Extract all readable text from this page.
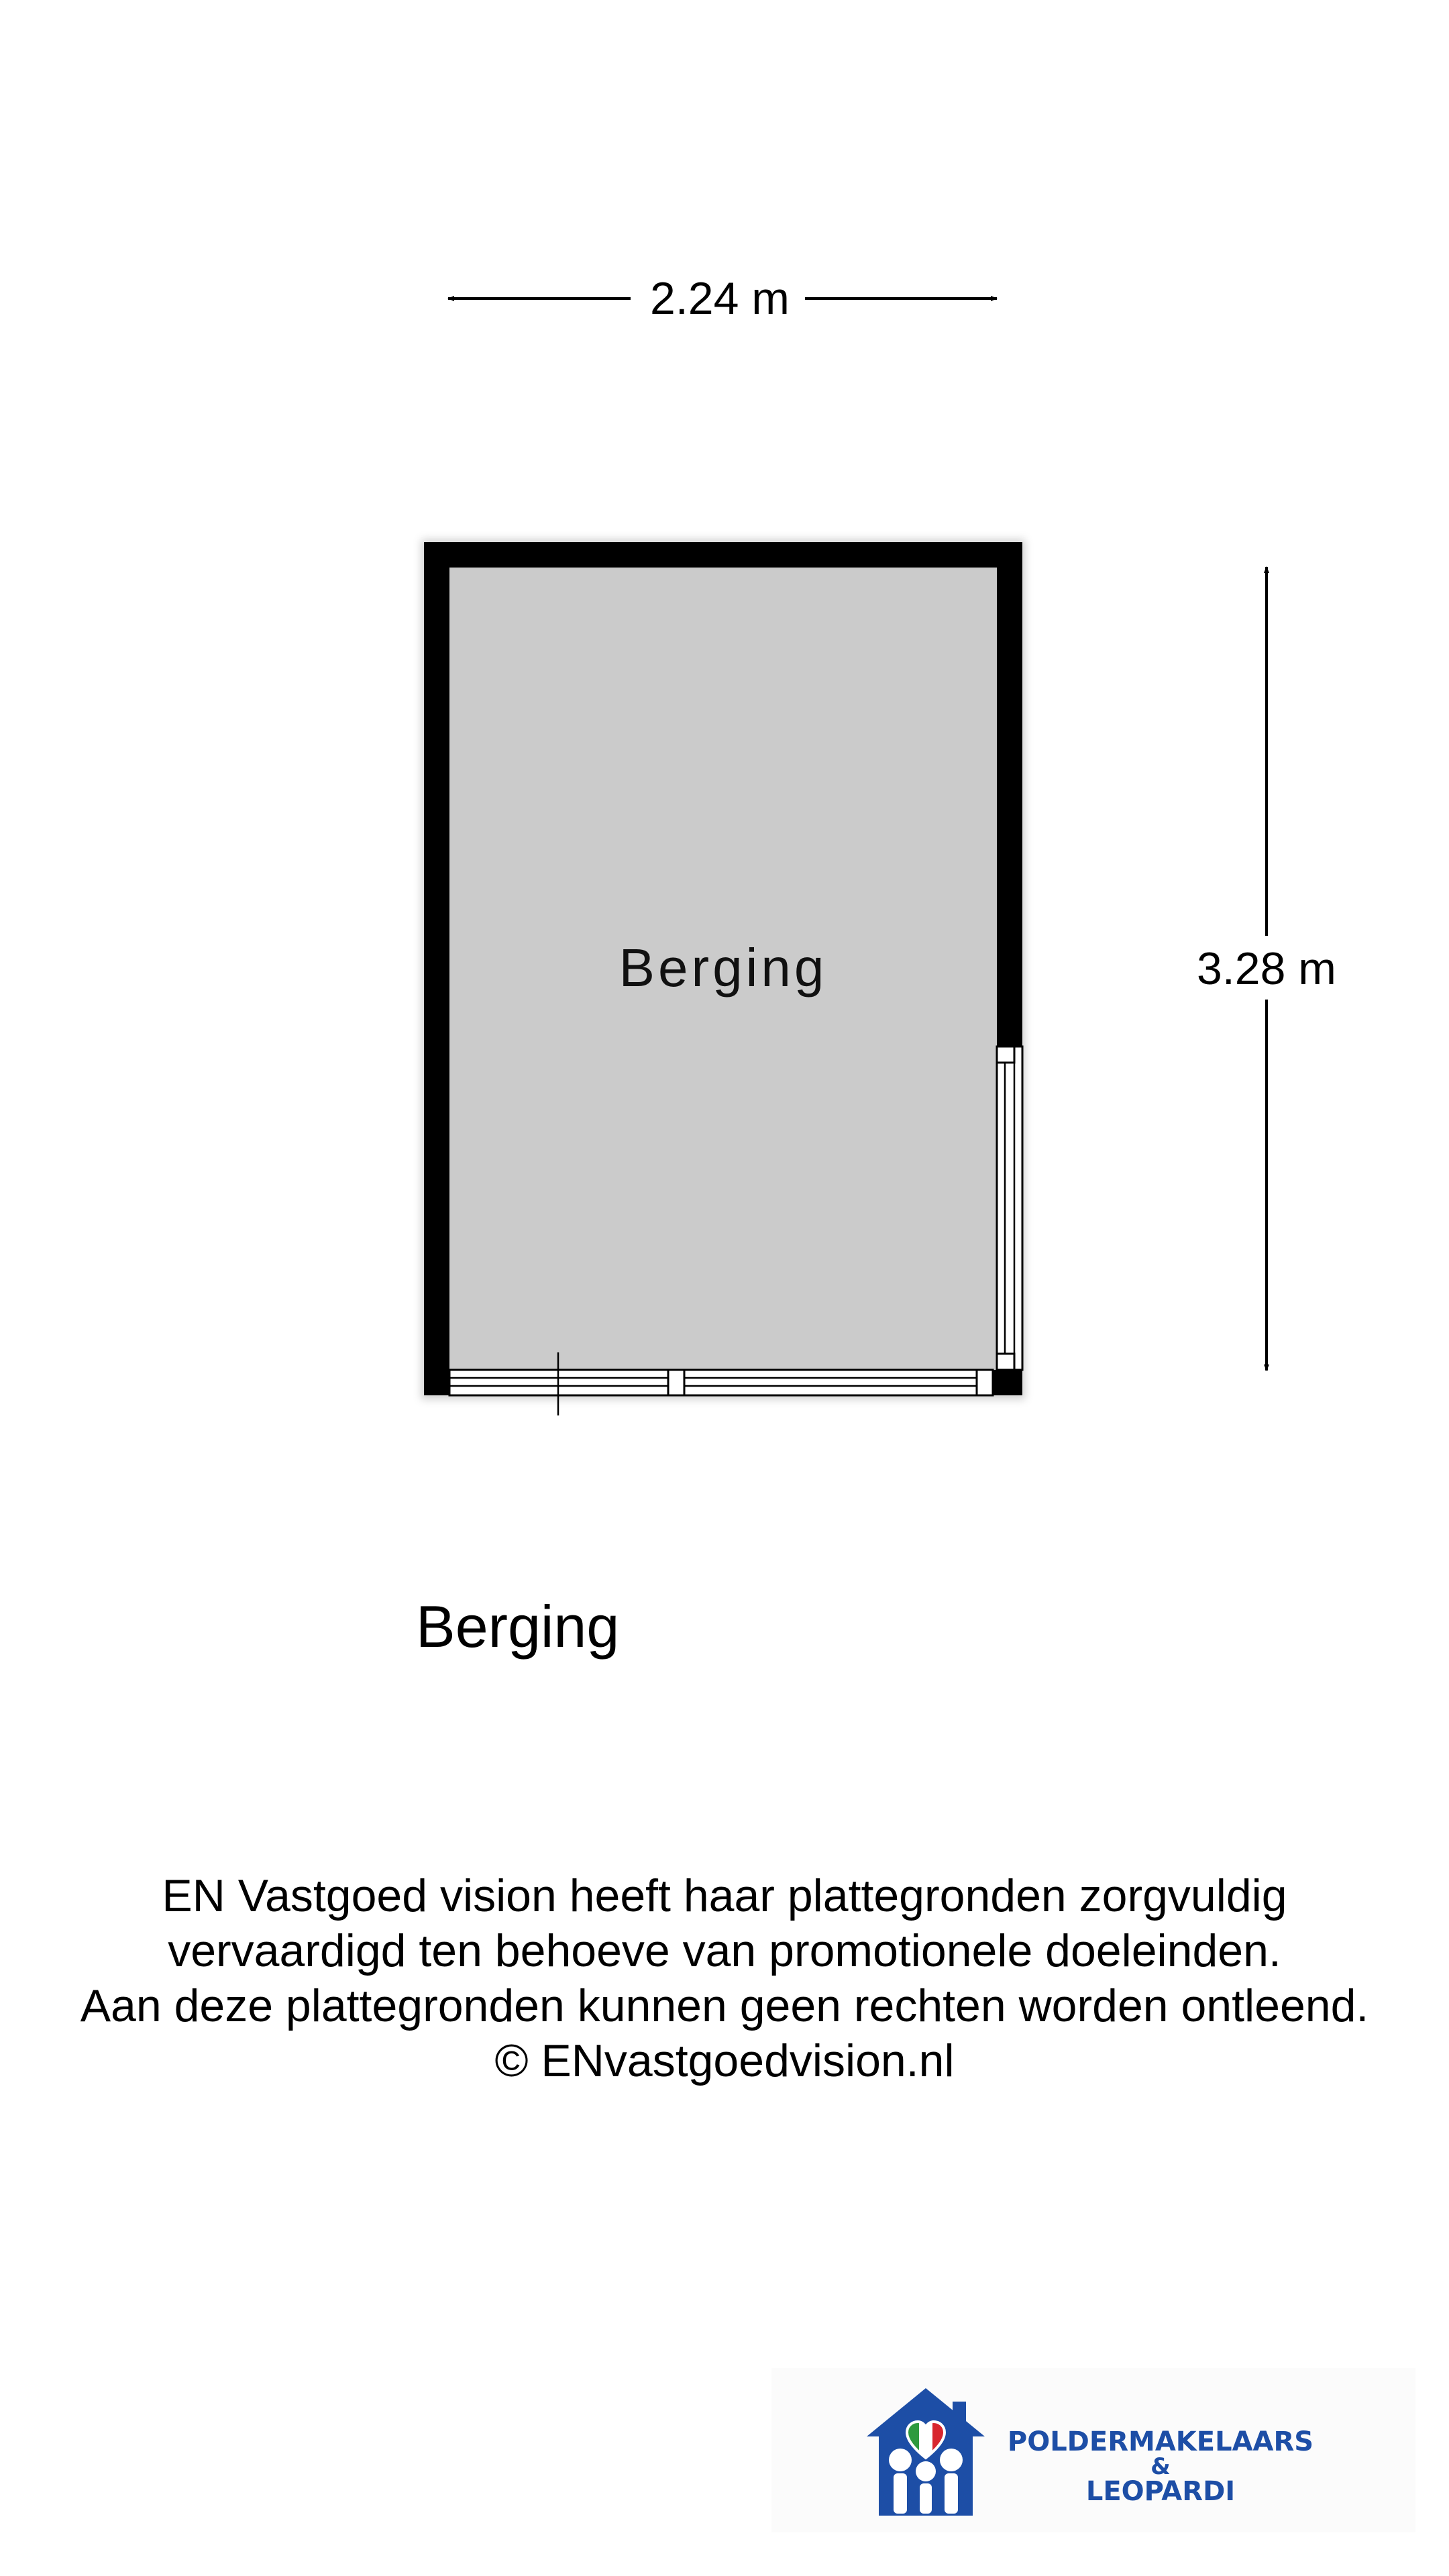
2.24 m
3.28 m
Berging
Berging
EN Vastgoed vision heeft haar plattegronden zorgvuldig
vervaardigd ten behoeve van promotionele doeleinden.
Aan deze plattegronden kunnen geen rechten worden ontleend.
© ENvastgoedvision.nl
POLDERMAKELAARS
&
LEOPARDI
